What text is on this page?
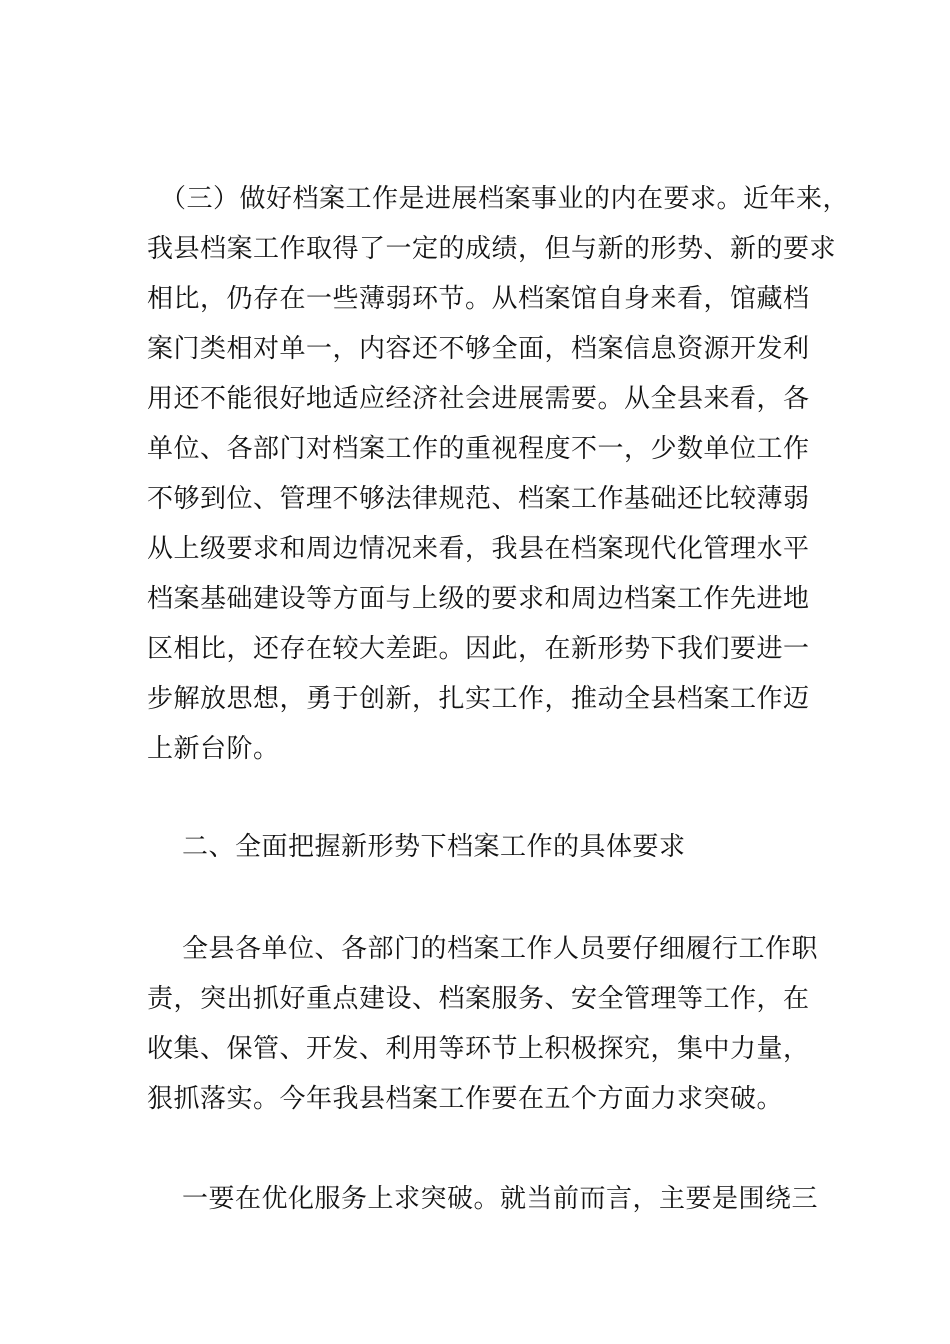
（三）做好档案工作是进展档案事业的内在要求。近年来，
我县档案工作取得了一定的成绩，但与新的形势、新的要求
相比，仍存在一些薄弱环节。从档案馆自身来看，馆藏档
案门类相对单一，内容还不够全面，档案信息资源开发利
用还不能很好地适应经济社会进展需要。从全县来看，各
单位、各部门对档案工作的重视程度不一，少数单位工作
不够到位、管理不够法律规范、档案工作基础还比较薄弱
从上级要求和周边情况来看，我县在档案现代化管理水平
档案基础建设等方面与上级的要求和周边档案工作先进地
区相比，还存在较大差距。因此，在新形势下我们要进一
步解放思想，勇于创新，扎实工作，推动全县档案工作迈
上新台阶。
二、全面把握新形势下档案工作的具体要求
全县各单位、各部门的档案工作人员要仔细履行工作职
责，突出抓好重点建设、档案服务、安全管理等工作，在
收集、保管、开发、利用等环节上积极探究，集中力量，
狠抓落实。今年我县档案工作要在五个方面力求突破。
一要在优化服务上求突破。就当前而言，主要是围绕三
